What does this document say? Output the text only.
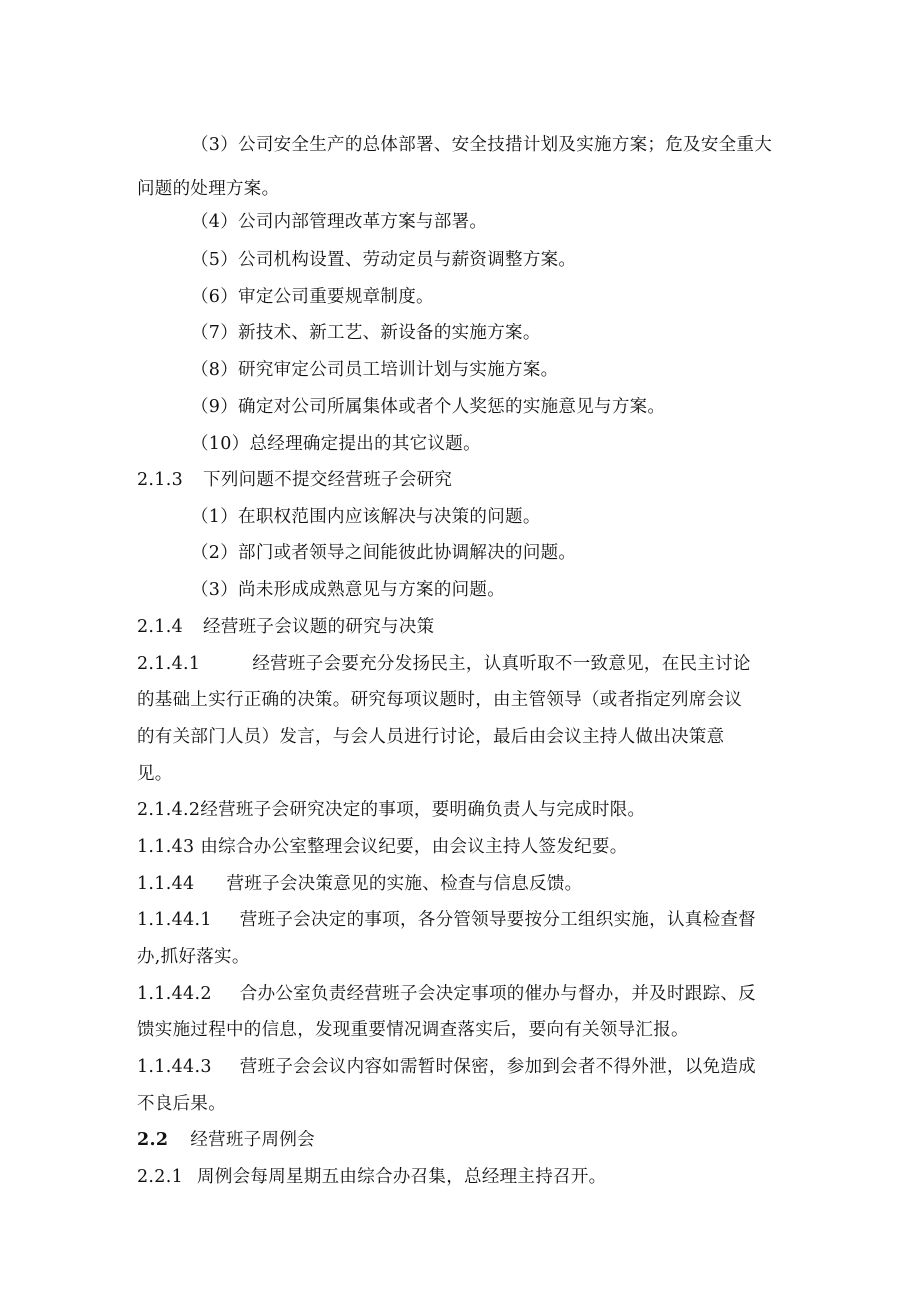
（3）公司安全生产的总体部署、安全技措计划及实施方案；危及安全重大
问题的处理方案。
（4）公司内部管理改革方案与部署。
（5）公司机构设置、劳动定员与薪资调整方案。
（6）审定公司重要规章制度。
（7）新技术、新工艺、新设备的实施方案。
（8）研究审定公司员工培训计划与实施方案。
（9）确定对公司所属集体或者个人奖惩的实施意见与方案。
（10）总经理确定提出的其它议题。
2.1.3 下列问题不提交经营班子会研究
（1）在职权范围内应该解决与决策的问题。
（2）部门或者领导之间能彼此协调解决的问题。
（3）尚未形成成熟意见与方案的问题。
2.1.4 经营班子会议题的研究与决策
2.1.4.1	经营班子会要充分发扬民主，认真听取不一致意见，在民主讨论
的基础上实行正确的决策。研究每项议题时，由主管领导（或者指定列席会议
的有关部门人员）发言，与会人员进行讨论，最后由会议主持人做出决策意
见。
2.1.4.2经营班子会研究决定的事项，要明确负责人与完成时限。
1.1.43 由综合办公室整理会议纪要，由会议主持人签发纪要。
1.1.44 营班子会决策意见的实施、检查与信息反馈。
1.1.44.1 营班子会决定的事项，各分管领导要按分工组织实施，认真检查督
办,抓好落实。
1.1.44.2 合办公室负责经营班子会决定事项的催办与督办，并及时跟踪、反
馈实施过程中的信息，发现重要情况调查落实后，要向有关领导汇报。
1.1.44.3 营班子会会议内容如需暂时保密，参加到会者不得外泄，以免造成
不良后果。
2.2 经营班子周例会
2.2.1 周例会每周星期五由综合办召集，总经理主持召开。
